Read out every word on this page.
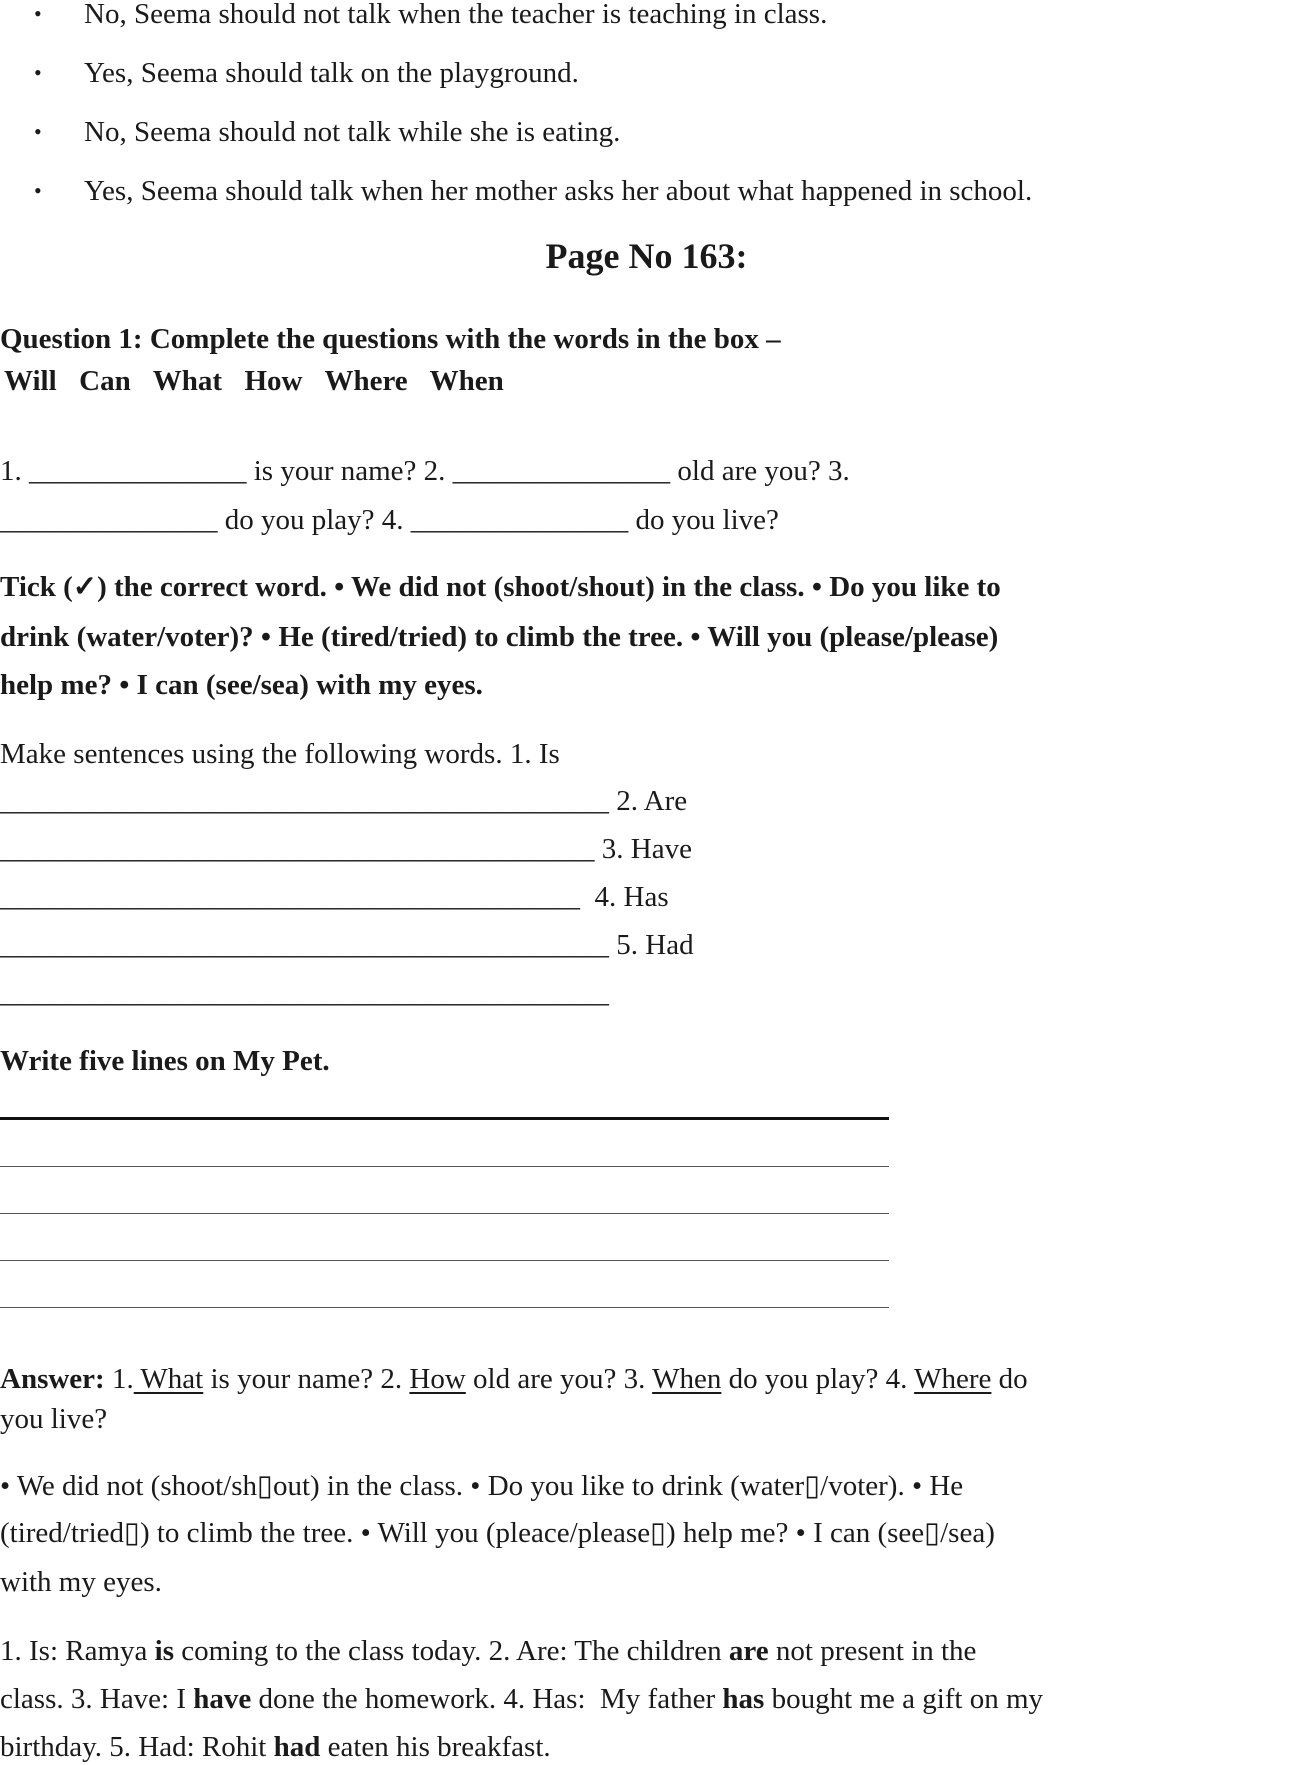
• No, Seema should not talk when the teacher is teaching in class.
• Yes, Seema should talk on the playground.
• No, Seema should not talk while she is eating.
• Yes, Seema should talk when her mother asks her about what happened in school.
Page No 163:
Question 1: Complete the questions with the words in the box –
Will  Can  What  How  Where  When
1. _______________ is your name? 2. _______________ old are you? 3.
_______________ do you play? 4. _______________ do you live?
Tick (✓) the correct word. • We did not (shoot/shout) in the class. • Do you like to
drink (water/voter)? • He (tired/tried) to climb the tree. • Will you (please/please)
help me? • I can (see/sea) with my eyes.
Make sentences using the following words. 1. Is
__________________________________________ 2. Are
_________________________________________ 3. Have
________________________________________  4. Has
__________________________________________ 5. Had
__________________________________________
Write five lines on My Pet.
Answer: 1. What is your name? 2. How old are you? 3. When do you play? 4. Where do
you live?
• We did not (shoot/sh▯out) in the class. • Do you like to drink (water▯/voter). • He
(tired/tried▯) to climb the tree. • Will you (pleace/please▯) help me? • I can (see▯/sea)
with my eyes.
1. Is: Ramya is coming to the class today. 2. Are: The children are not present in the
class. 3. Have: I have done the homework. 4. Has:  My father has bought me a gift on my
birthday. 5. Had: Rohit had eaten his breakfast.
